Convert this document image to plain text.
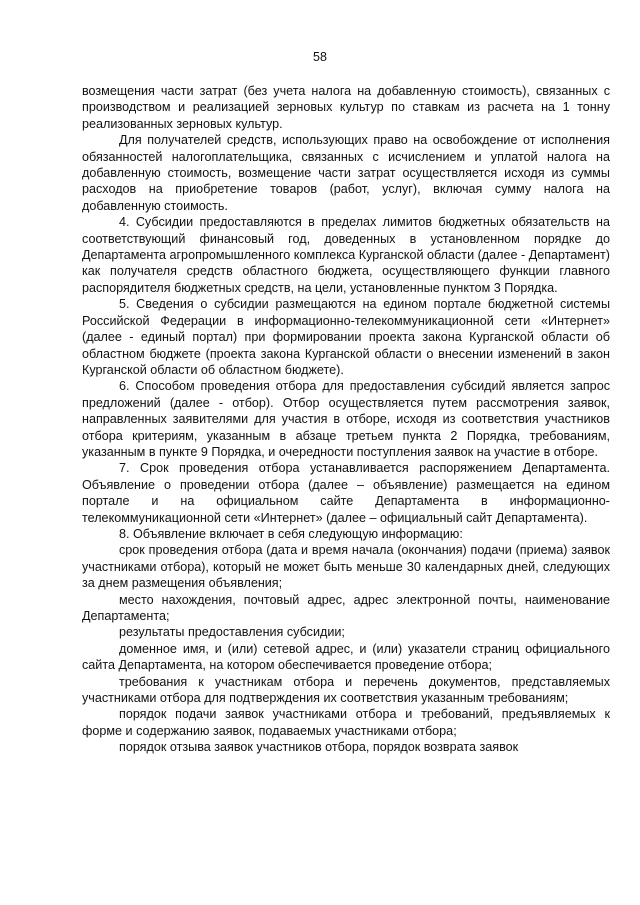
58

возмещения части затрат (без учета налога на добавленную стоимость), связанных с производством и реализацией зерновых культур по ставкам из расчета на 1 тонну реализованных зерновых культур.

Для получателей средств, использующих право на освобождение от исполнения обязанностей налогоплательщика, связанных с исчислением и уплатой налога на добавленную стоимость, возмещение части затрат осуществляется исходя из суммы расходов на приобретение товаров (работ, услуг), включая сумму налога на добавленную стоимость.

4. Субсидии предоставляются в пределах лимитов бюджетных обязательств на соответствующий финансовый год, доведенных в установленном порядке до Департамента агропромышленного комплекса Курганской области (далее - Департамент) как получателя средств областного бюджета, осуществляющего функции главного распорядителя бюджетных средств, на цели, установленные пунктом 3 Порядка.

5. Сведения о субсидии размещаются на едином портале бюджетной системы Российской Федерации в информационно-телекоммуникационной сети «Интернет» (далее - единый портал) при формировании проекта закона Курганской области об областном бюджете (проекта закона Курганской области о внесении изменений в закон Курганской области об областном бюджете).

6. Способом проведения отбора для предоставления субсидий является запрос предложений (далее - отбор). Отбор осуществляется путем рассмотрения заявок, направленных заявителями для участия в отборе, исходя из соответствия участников отбора критериям, указанным в абзаце третьем пункта 2 Порядка, требованиям, указанным в пункте 9 Порядка, и очередности поступления заявок на участие в отборе.

7. Срок проведения отбора устанавливается распоряжением Департамента. Объявление о проведении отбора (далее – объявление) размещается на едином портале и на официальном сайте Департамента в информационно-телекоммуникационной сети «Интернет» (далее – официальный сайт Департамента).

8. Объявление включает в себя следующую информацию:

срок проведения отбора (дата и время начала (окончания) подачи (приема) заявок участниками отбора), который не может быть меньше 30 календарных дней, следующих за днем размещения объявления;

место нахождения, почтовый адрес, адрес электронной почты, наименование Департамента;

результаты предоставления субсидии;

доменное имя, и (или) сетевой адрес, и (или) указатели страниц официального сайта Департамента, на котором обеспечивается проведение отбора;

требования к участникам отбора и перечень документов, представляемых участниками отбора для подтверждения их соответствия указанным требованиям;

порядок подачи заявок участниками отбора и требований, предъявляемых к форме и содержанию заявок, подаваемых участниками отбора;

порядок отзыва заявок участников отбора, порядок возврата заявок
